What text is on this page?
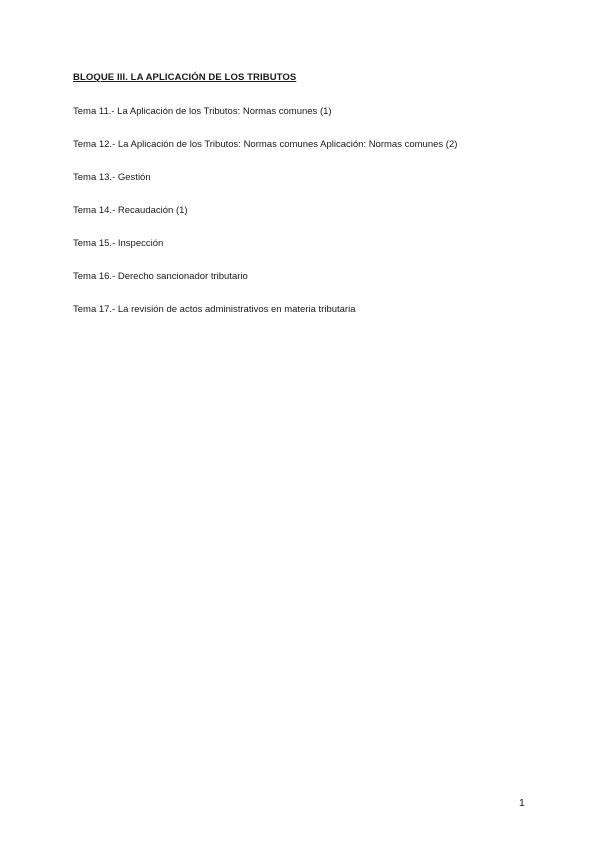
BLOQUE III. LA APLICACIÓN DE LOS TRIBUTOS
Tema 11.- La Aplicación de los Tributos: Normas comunes (1)
Tema 12.- La Aplicación de los Tributos: Normas comunes Aplicación: Normas comunes (2)
Tema 13.- Gestión
Tema 14.- Recaudación (1)
Tema 15.- Inspección
Tema 16.- Derecho sancionador tributario
Tema 17.- La revisión de actos administrativos en materia tributaria
1
